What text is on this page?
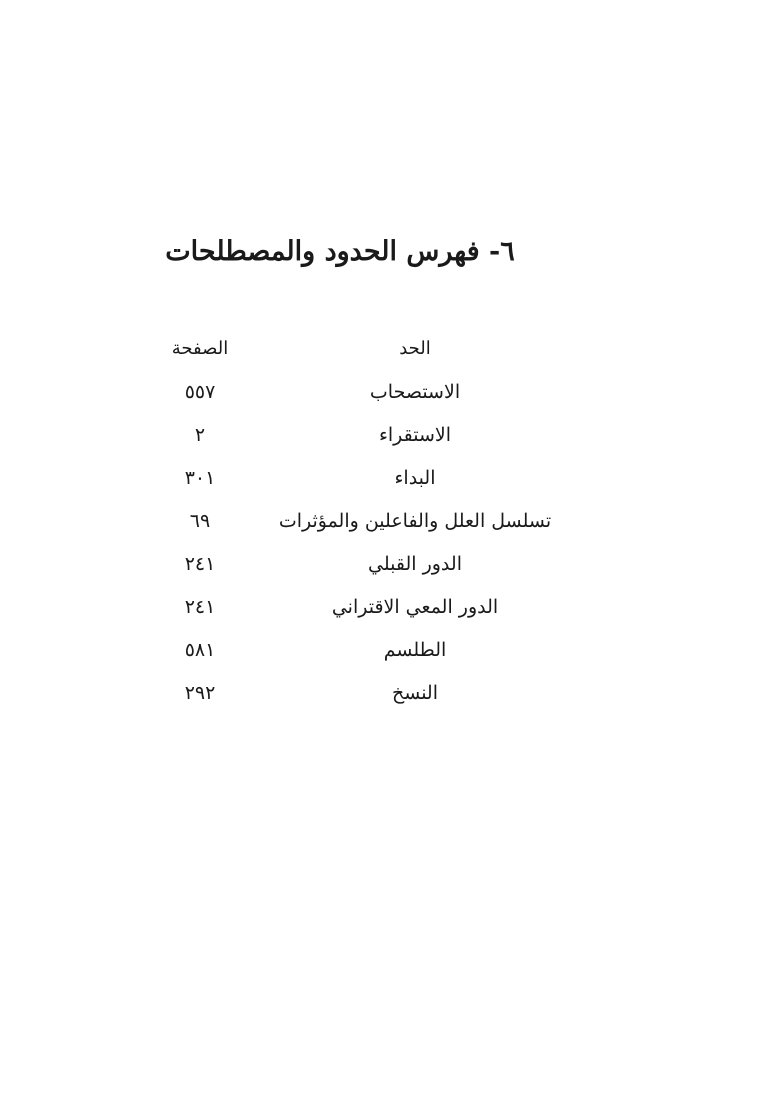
٦- فهرس الحدود والمصطلحات
الحد
الصفحة
الاستصحاب
٥٥٧
الاستقراء
٢
البداء
٣٠١
تسلسل العلل والفاعلين والمؤثرات
٦٩
الدور القبلي
٢٤١
الدور المعي الاقتراني
٢٤١
الطلسم
٥٨١
النسخ
٢٩٢
